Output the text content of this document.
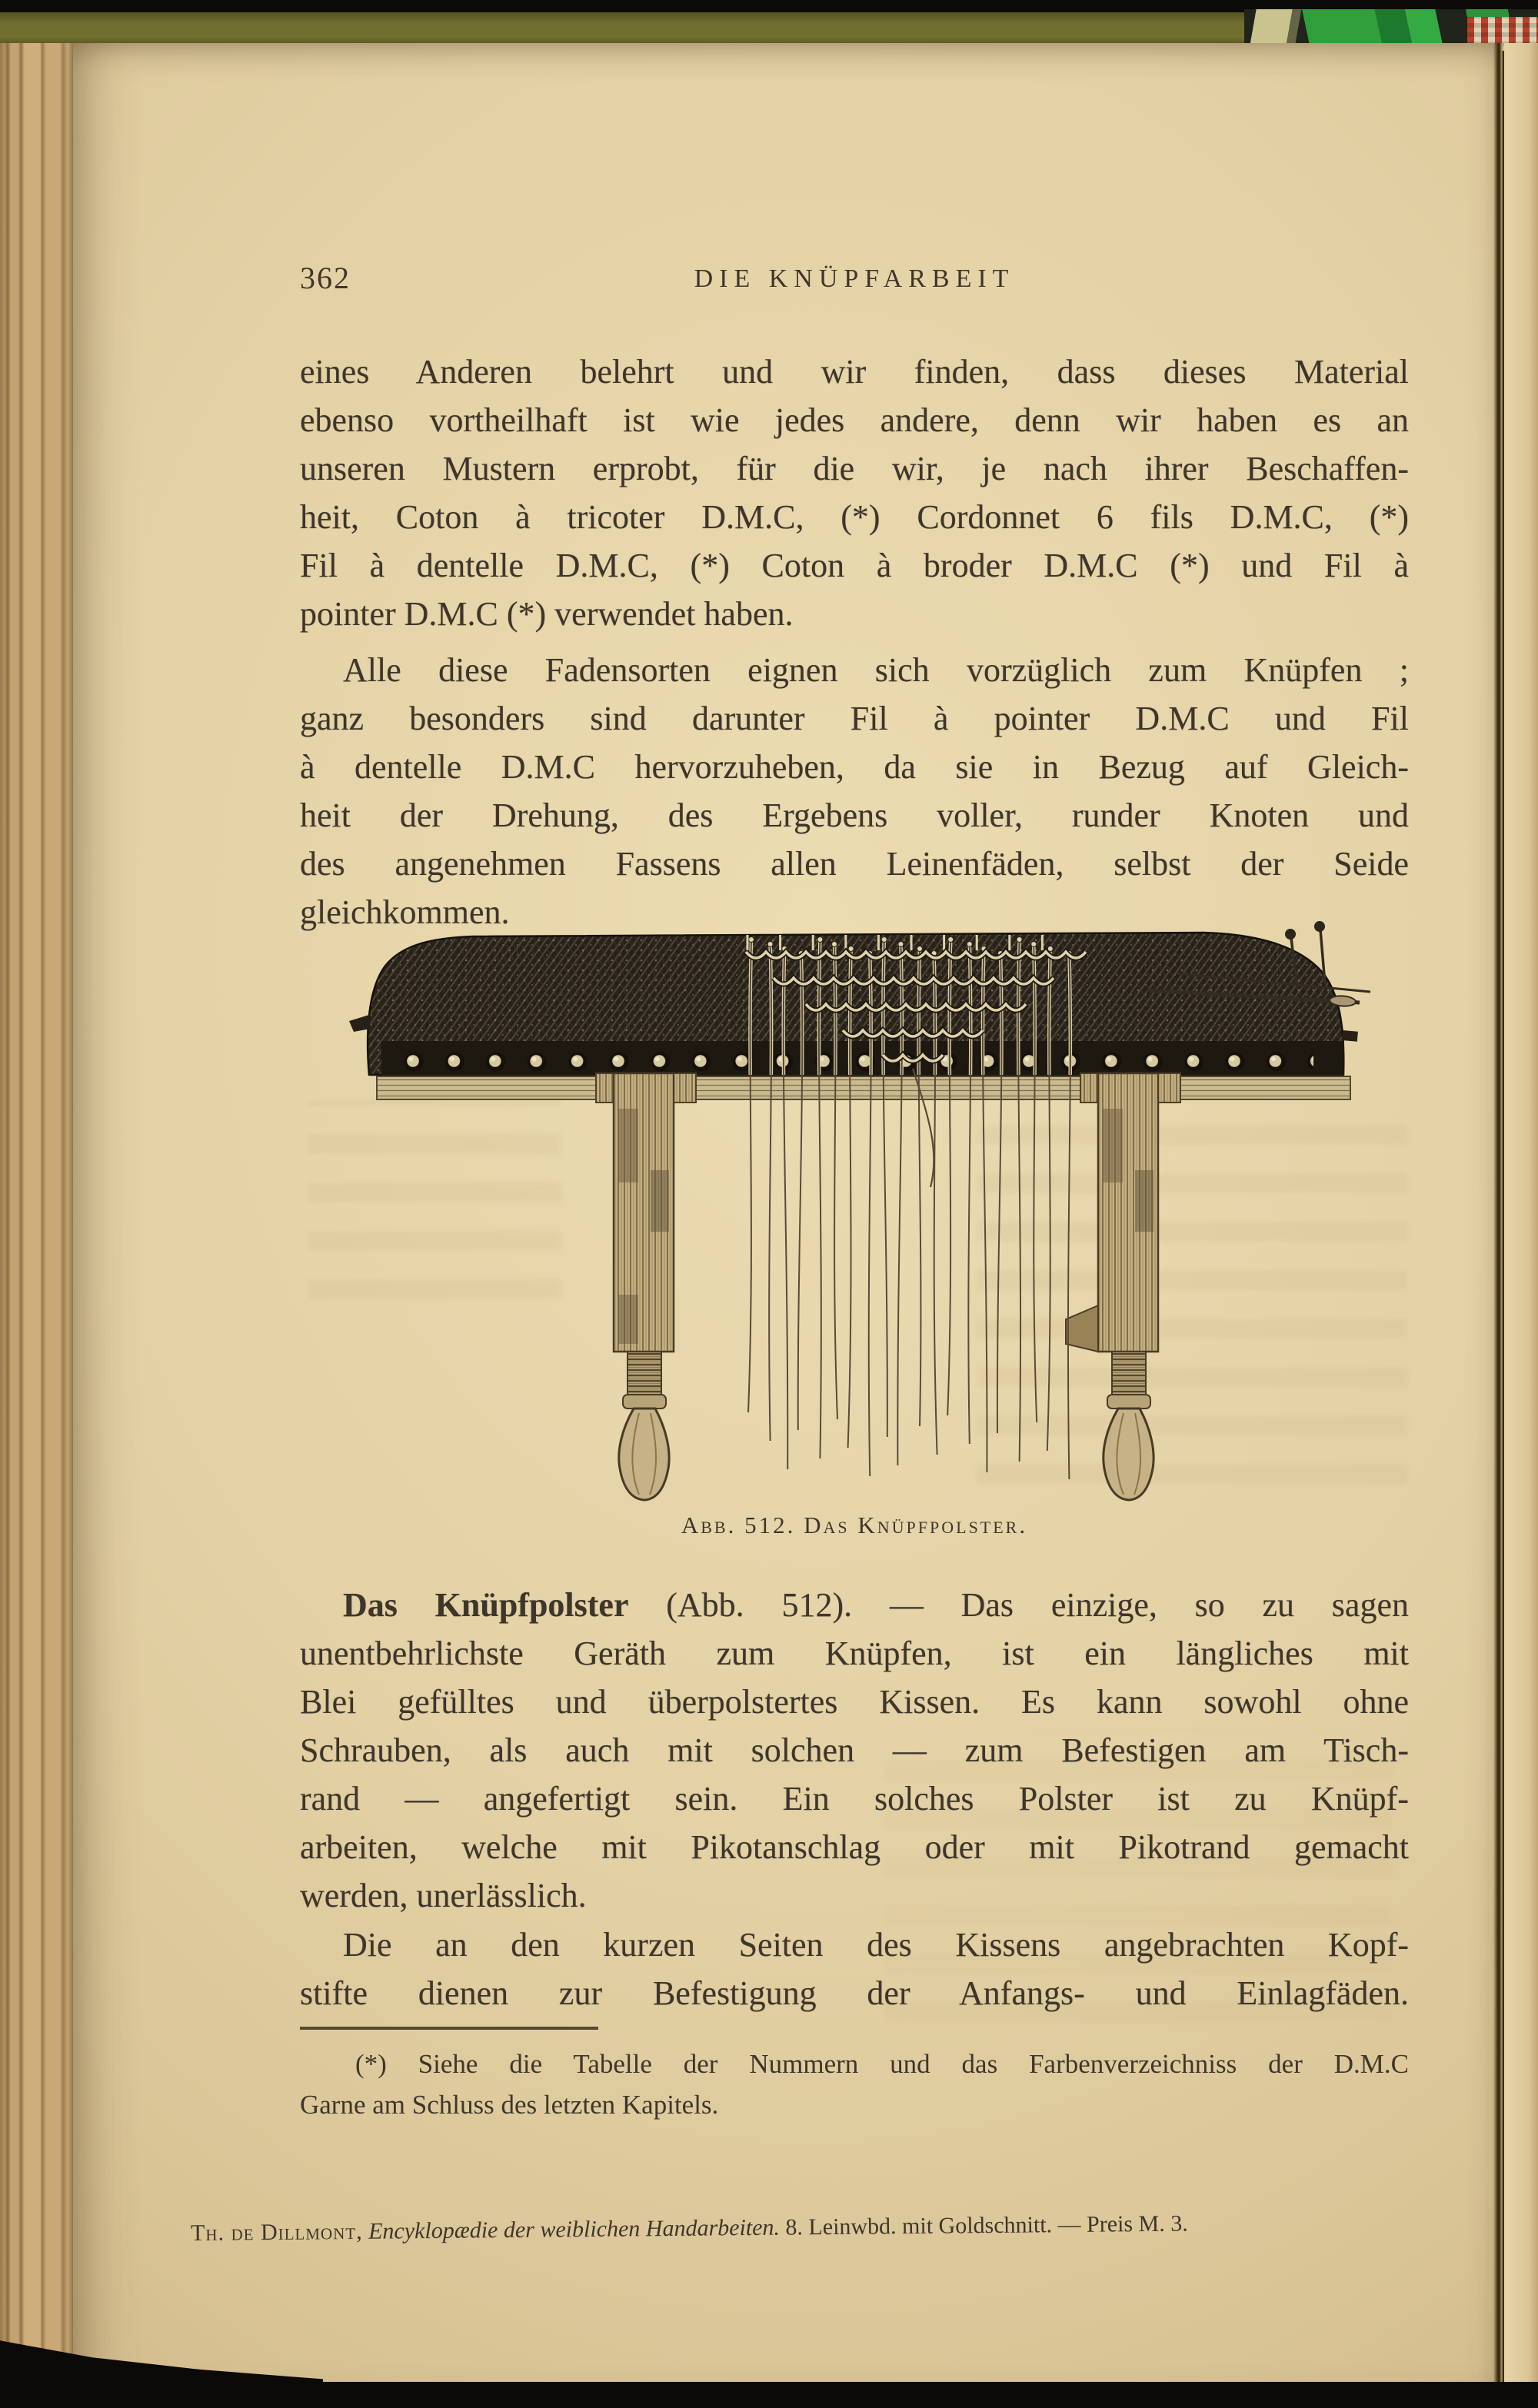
362	DIE KNÜPFARBEIT
eines Anderen belehrt und wir finden, dass dieses Material
ebenso vortheilhaft ist wie jedes andere, denn wir haben es an
unseren Mustern erprobt, für die wir, je nach ihrer Beschaffen-
heit, Coton à tricoter D.M.C, (*) Cordonnet 6 fils D.M.C, (*)
Fil à dentelle D.M.C, (*) Coton à broder D.M.C (*) und Fil à
pointer D.M.C (*) verwendet haben.
Alle diese Fadensorten eignen sich vorzüglich zum Knüpfen ;
ganz besonders sind darunter Fil à pointer D.M.C und Fil
à dentelle D.M.C hervorzuheben, da sie in Bezug auf Gleich-
heit der Drehung, des Ergebens voller, runder Knoten und
des angenehmen Fassens allen Leinenfäden, selbst der Seide
gleichkommen.
Abb. 512. Das Knüpfpolster.
Das Knüpfpolster (Abb. 512). — Das einzige, so zu sagen
unentbehrlichste Geräth zum Knüpfen, ist ein längliches mit
Blei gefülltes und überpolstertes Kissen. Es kann sowohl ohne
Schrauben, als auch mit solchen — zum Befestigen am Tisch-
rand — angefertigt sein. Ein solches Polster ist zu Knüpf-
arbeiten, welche mit Pikotanschlag oder mit Pikotrand gemacht
werden, unerlässlich.
Die an den kurzen Seiten des Kissens angebrachten Kopf-
stifte dienen zur Befestigung der Anfangs- und Einlagfäden.
(*) Siehe die Tabelle der Nummern und das Farbenverzeichniss der D.M.C
Garne am Schluss des letzten Kapitels.
Th. de Dillmont, Encyklopædie der weiblichen Handarbeiten. 8. Leinwbd. mit Goldschnitt. — Preis M. 3.
